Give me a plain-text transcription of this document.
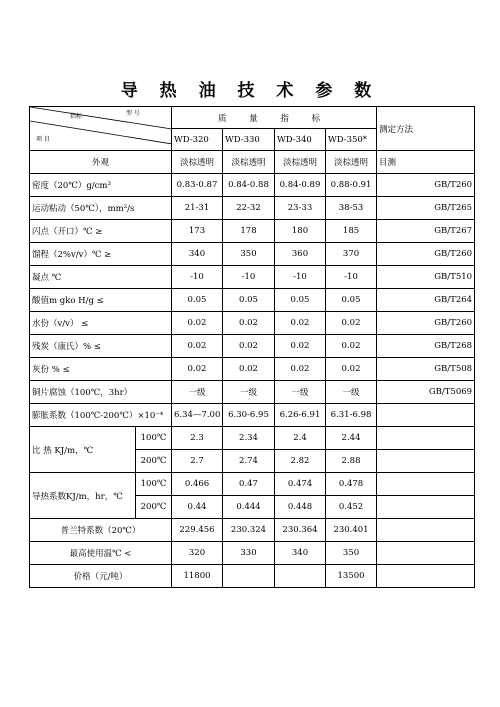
导 热 油 技 术 参 数
指标 型 号
项 目		质 量 指 标				测定方法
		WD-320	WD-330	WD-340	WD-350*	
外观		淡棕透明	淡棕透明	淡棕透明	淡棕透明	目测
密度（20℃）g/cm³		0.83-0.87	0.84-0.88	0.84-0.89	0.88-0.91	GB/T260
运动粘动（50℃），mm²/s		21-31	22-32	23-33	38-53	GB/T265
闪点（开口）℃ ≥		173	178	180	185	GB/T267
馏程（2%v/v）℃ ≥		340	350	360	370	GB/T260
凝点 ℃		-10	-10	-10	-10	GB/T510
酸值m gko H/g ≤		0.05	0.05	0.05	0.05	GB/T264
水份（v/v） ≤		0.02	0.02	0.02	0.02	GB/T260
残炭（康氏）% ≤		0.02	0.02	0.02	0.02	GB/T268
灰份 % ≤		0.02	0.02	0.02	0.02	GB/T508
铜片腐蚀（100℃，3hr）		一级	一级	一级	一级	GB/T5069
膨胀系数（100℃-200℃）×10⁻⁴		6.34—7.00	6.30-6.95	6.26-6.91	6.31-6.98	
比 热 KJ/m，℃	100℃	2.3	2.34	2.4	2.44	
	200℃	2.7	2.74	2.82	2.88	
导热系数KJ/m，hr，℃	100℃	0.466	0.47	0.474	0.478	
	200℃	0.44	0.444	0.448	0.452	
普兰特系数（20℃）		229.456	230.324	230.364	230.401	
最高使用温℃ <		320	330	340	350	
价格（元/吨）		11800			13500	
